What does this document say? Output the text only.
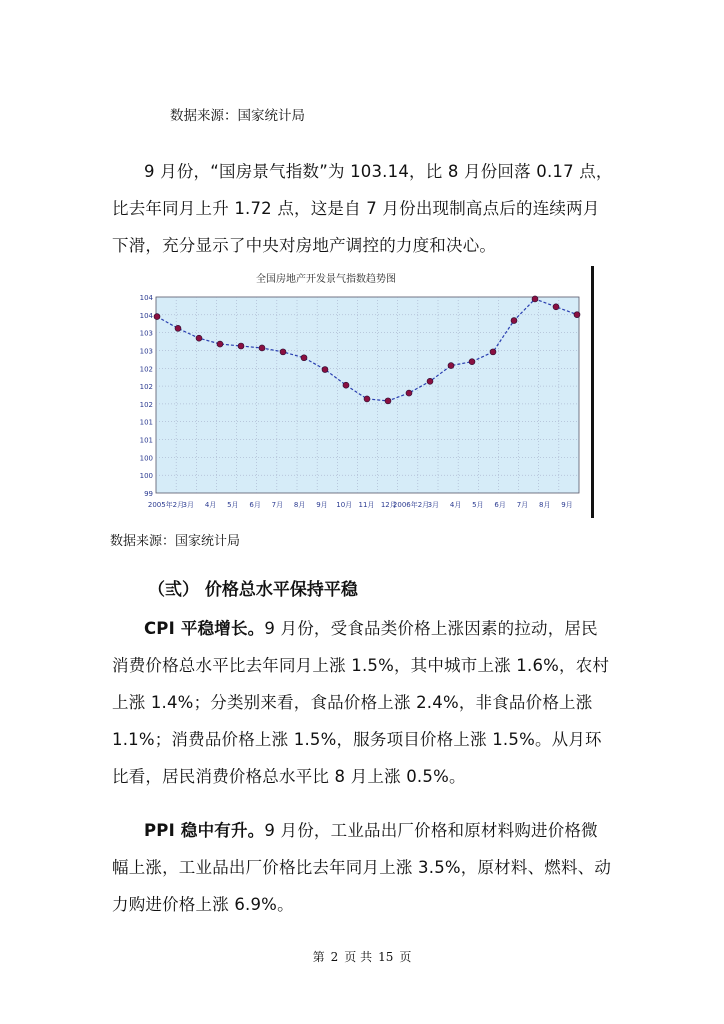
数据来源：国家统计局
9 月份，“国房景气指数”为 103.14，比 8 月份回落 0.17 点，比去年同月上升 1.72 点，这是自 7 月份出现制高点后的连续两月下滑，充分显示了中央对房地产调控的力度和决心。
全国房地产开发景气指数趋势图
104
104
103
103
102
102
102
101
101
100
100
99
2005年2月
3月 4月 5月 6月 7月 8月 9月 10月 11月 12月
2006年2月
3月 4月 5月 6月 7月 8月 9月
数据来源：国家统计局
（弎） 价格总水平保持平稳
CPI 平稳增长。9 月份，受食品类价格上涨因素的拉动，居民消费价格总水平比去年同月上涨 1.5%，其中城市上涨 1.6%，农村上涨 1.4%；分类别来看，食品价格上涨 2.4%，非食品价格上涨 1.1%；消费品价格上涨 1.5%，服务项目价格上涨 1.5%。从月环比看，居民消费价格总水平比 8 月上涨 0.5%。
PPI 稳中有升。9 月份，工业品出厂价格和原材料购进价格微幅上涨，工业品出厂价格比去年同月上涨 3.5%，原材料、燃料、动力购进价格上涨 6.9%。
第 2 页 共 15 页
